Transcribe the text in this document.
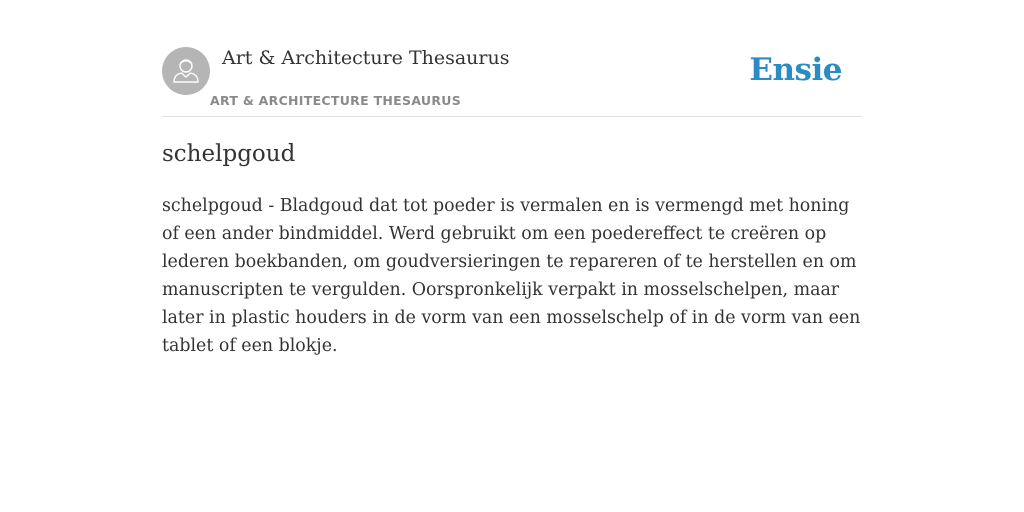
Art & Architecture Thesaurus
ART & ARCHITECTURE THESAURUS
Ensie
schelpgoud

schelpgoud - Bladgoud dat tot poeder is vermalen en is vermengd met honing of een ander bindmiddel. Werd gebruikt om een poedereffect te creëren op lederen boekbanden, om goudversieringen te repareren of te herstellen en om manuscripten te vergulden. Oorspronkelijk verpakt in mosselschelpen, maar later in plastic houders in de vorm van een mosselschelp of in de vorm van een tablet of een blokje.
